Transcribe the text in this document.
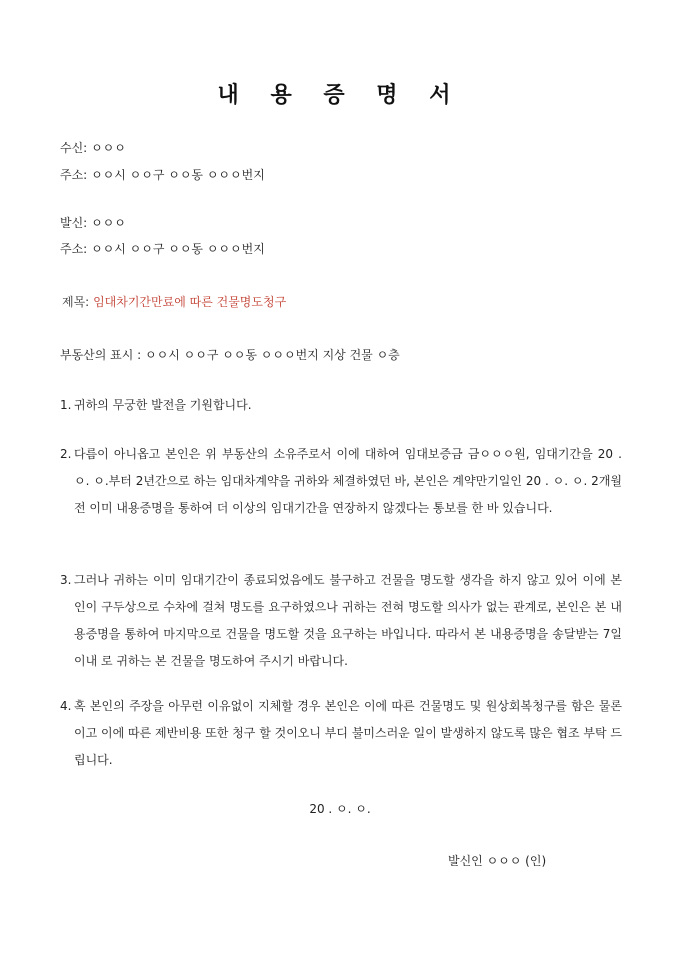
내 용 증 명 서
수신: ㅇㅇㅇ
주소: ㅇㅇ시 ㅇㅇ구 ㅇㅇ동 ㅇㅇㅇ번지
발신: ㅇㅇㅇ
주소: ㅇㅇ시 ㅇㅇ구 ㅇㅇ동 ㅇㅇㅇ번지
제목: 임대차기간만료에 따른 건물명도청구
부동산의 표시 : ㅇㅇ시 ㅇㅇ구 ㅇㅇ동 ㅇㅇㅇ번지 지상 건물 ㅇ층
1. 귀하의 무궁한 발전을 기원합니다.
2. 다름이 아니옵고 본인은 위 부동산의 소유주로서 이에 대하여 임대보증금 금ㅇㅇㅇ원, 임대기간을 20 . ㅇ. ㅇ.부터 2년간으로 하는 임대차계약을 귀하와 체결하였던 바, 본인은 계약만기일인 20 . ㅇ. ㅇ. 2개월전 이미 내용증명을 통하여 더 이상의 임대기간을 연장하지 않겠다는 통보를 한 바 있습니다.
3. 그러나 귀하는 이미 임대기간이 종료되었음에도 불구하고 건물을 명도할 생각을 하지 않고 있어 이에 본인이 구두상으로 수차에 걸쳐 명도를 요구하였으나 귀하는 전혀 명도할 의사가 없는 관계로, 본인은 본 내용증명을 통하여 마지막으로 건물을 명도할 것을 요구하는 바입니다. 따라서 본 내용증명을 송달받는 7일 이내 로 귀하는 본 건물을 명도하여 주시기 바랍니다.
4. 혹 본인의 주장을 아무런 이유없이 지체할 경우 본인은 이에 따른 건물명도 및 원상회복청구를 함은 물론이고 이에 따른 제반비용 또한 청구 할 것이오니 부디 불미스러운 일이 발생하지 않도록 많은 협조 부탁 드립니다.
20 . ㅇ. ㅇ.
발신인 ㅇㅇㅇ (인)
